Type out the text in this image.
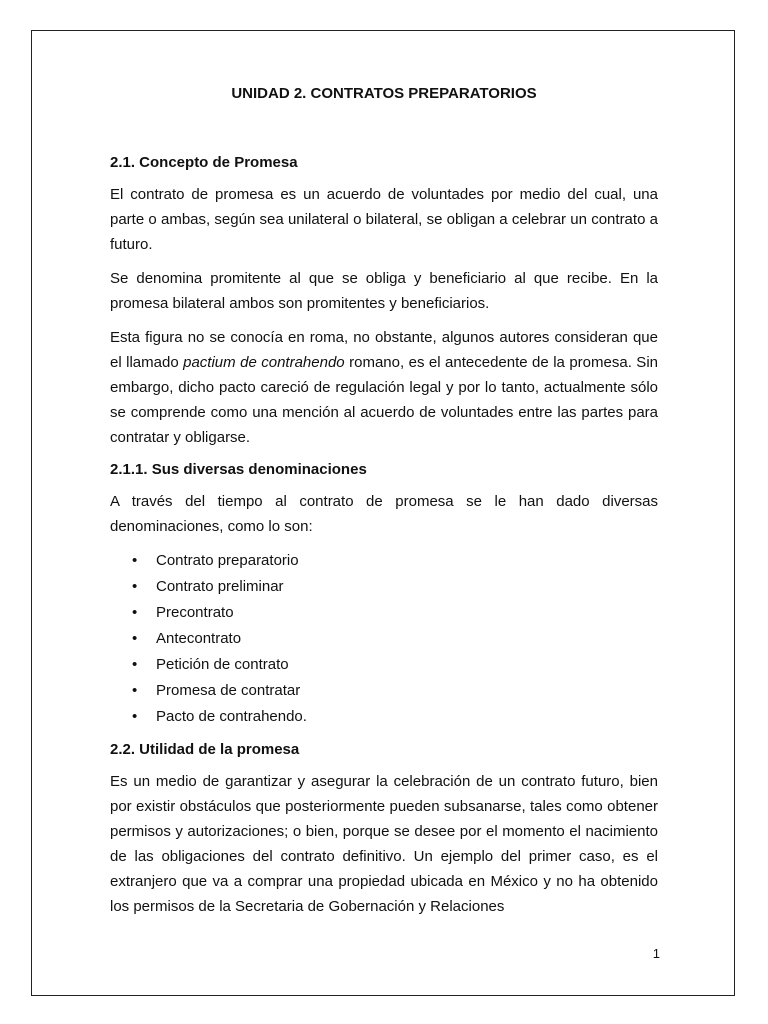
UNIDAD 2. CONTRATOS PREPARATORIOS
2.1. Concepto de Promesa

El contrato de promesa es un acuerdo de voluntades por medio del cual, una parte o ambas, según sea unilateral o bilateral, se obligan a celebrar un contrato a futuro.

Se denomina promitente al que se obliga y beneficiario al que recibe. En la promesa bilateral ambos son promitentes y beneficiarios.

Esta figura no se conocía en roma, no obstante, algunos autores consideran que el llamado pactium de contrahendo romano, es el antecedente de la promesa. Sin embargo, dicho pacto careció de regulación legal y por lo tanto, actualmente sólo se comprende como una mención al acuerdo de voluntades entre las partes para contratar y obligarse.

2.1.1. Sus diversas denominaciones

A través del tiempo al contrato de promesa se le han dado diversas denominaciones, como lo son:

• Contrato preparatorio
• Contrato preliminar
• Precontrato
• Antecontrato
• Petición de contrato
• Promesa de contratar
• Pacto de contrahendo.
2.2. Utilidad de la promesa

Es un medio de garantizar y asegurar la celebración de un contrato futuro, bien por existir obstáculos que posteriormente pueden subsanarse, tales como obtener permisos y autorizaciones; o bien, porque se desee por el momento el nacimiento de las obligaciones del contrato definitivo. Un ejemplo del primer caso, es el extranjero que va a comprar una propiedad ubicada en México y no ha obtenido los permisos de la Secretaria de Gobernación y Relaciones

1
